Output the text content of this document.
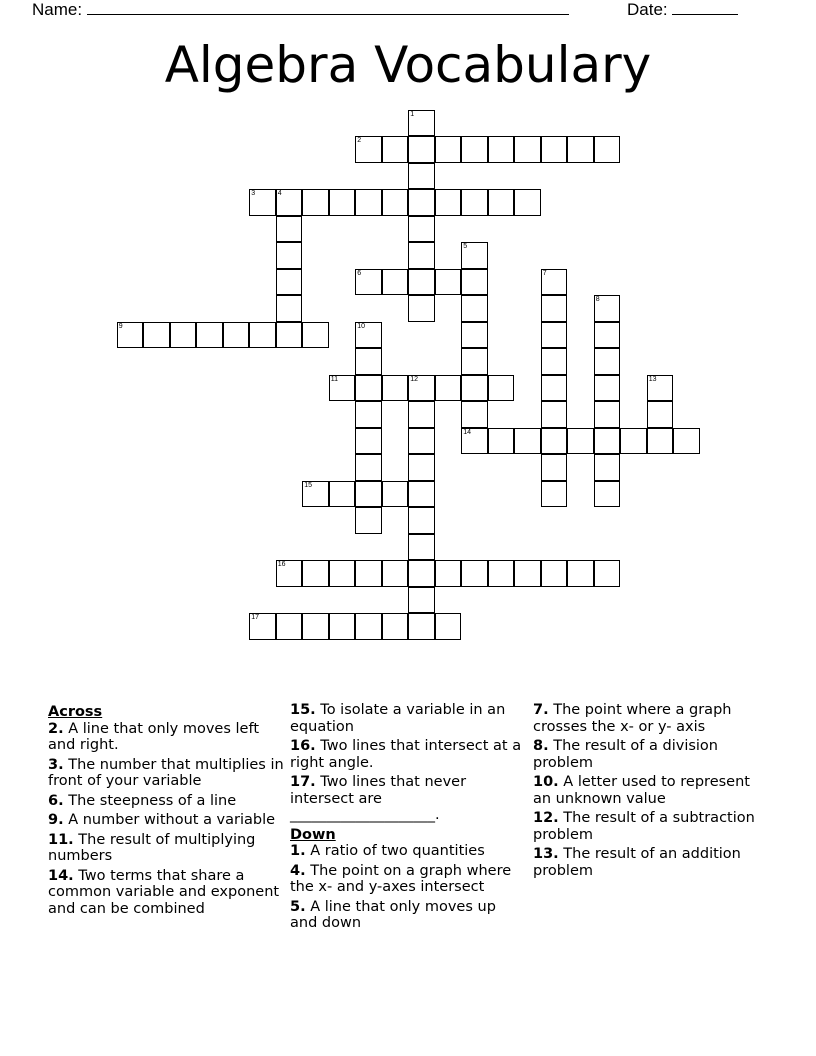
Name:	Date:
Algebra Vocabulary
1
2
3	4
5
14
6	7
8
9	10
11	12	13
15
16
17
Across
2. A line that only moves left and right.
3. The number that multiplies in front of your variable
6. The steepness of a line
9. A number without a variable
11. The result of multiplying numbers
14. Two terms that share a common variable and exponent and can be combined
15. To isolate a variable in an equation
16. Two lines that intersect at a right angle.
17. Two lines that never intersect are ____________________.
Down
1. A ratio of two quantities
4. The point on a graph where the x- and y-axes intersect
5. A line that only moves up and down
7. The point where a graph crosses the x- or y- axis
8. The result of a division problem
10. A letter used to represent an unknown value
12. The result of a subtraction problem
13. The result of an addition problem
